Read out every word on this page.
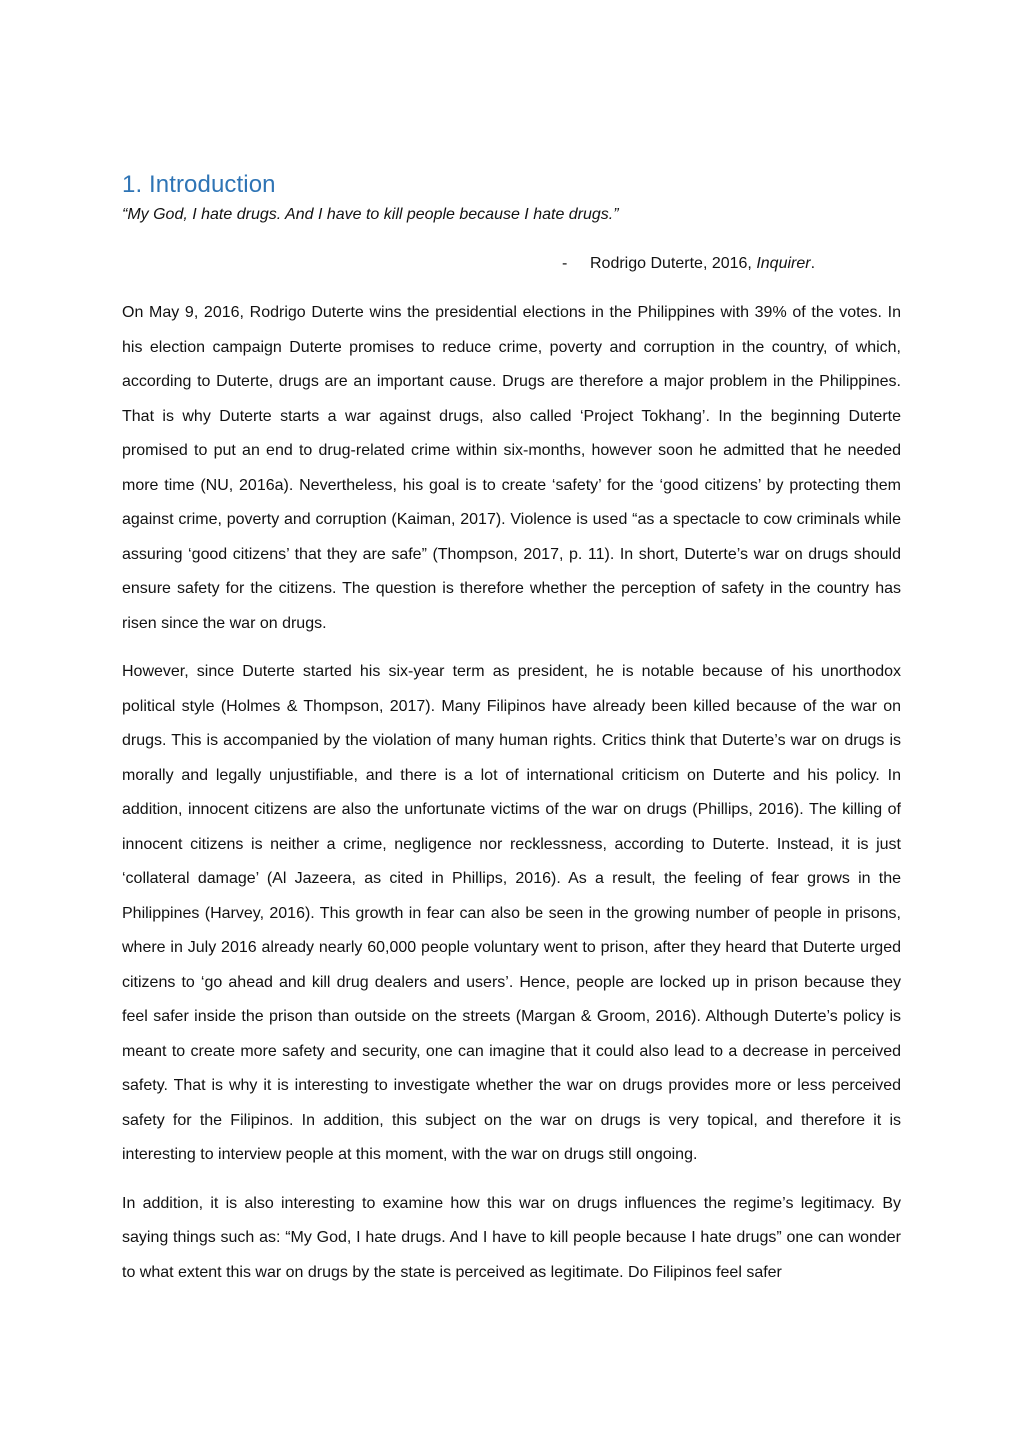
1. Introduction

“My God, I hate drugs. And I have to kill people because I hate drugs.”

- Rodrigo Duterte, 2016, Inquirer.

On May 9, 2016, Rodrigo Duterte wins the presidential elections in the Philippines with 39% of the votes. In his election campaign Duterte promises to reduce crime, poverty and corruption in the country, of which, according to Duterte, drugs are an important cause. Drugs are therefore a major problem in the Philippines. That is why Duterte starts a war against drugs, also called ‘Project Tokhang’. In the beginning Duterte promised to put an end to drug-related crime within six-months, however soon he admitted that he needed more time (NU, 2016a). Nevertheless, his goal is to create ‘safety’ for the ‘good citizens’ by protecting them against crime, poverty and corruption (Kaiman, 2017). Violence is used “as a spectacle to cow criminals while assuring ‘good citizens’ that they are safe” (Thompson, 2017, p. 11). In short, Duterte’s war on drugs should ensure safety for the citizens. The question is therefore whether the perception of safety in the country has risen since the war on drugs.

However, since Duterte started his six-year term as president, he is notable because of his unorthodox political style (Holmes & Thompson, 2017). Many Filipinos have already been killed because of the war on drugs. This is accompanied by the violation of many human rights. Critics think that Duterte’s war on drugs is morally and legally unjustifiable, and there is a lot of international criticism on Duterte and his policy. In addition, innocent citizens are also the unfortunate victims of the war on drugs (Phillips, 2016). The killing of innocent citizens is neither a crime, negligence nor recklessness, according to Duterte. Instead, it is just ‘collateral damage’ (Al Jazeera, as cited in Phillips, 2016). As a result, the feeling of fear grows in the Philippines (Harvey, 2016). This growth in fear can also be seen in the growing number of people in prisons, where in July 2016 already nearly 60,000 people voluntary went to prison, after they heard that Duterte urged citizens to ‘go ahead and kill drug dealers and users’. Hence, people are locked up in prison because they feel safer inside the prison than outside on the streets (Margan & Groom, 2016). Although Duterte’s policy is meant to create more safety and security, one can imagine that it could also lead to a decrease in perceived safety. That is why it is interesting to investigate whether the war on drugs provides more or less perceived safety for the Filipinos. In addition, this subject on the war on drugs is very topical, and therefore it is interesting to interview people at this moment, with the war on drugs still ongoing.

In addition, it is also interesting to examine how this war on drugs influences the regime’s legitimacy. By saying things such as: “My God, I hate drugs. And I have to kill people because I hate drugs” one can wonder to what extent this war on drugs by the state is perceived as legitimate. Do Filipinos feel safer
